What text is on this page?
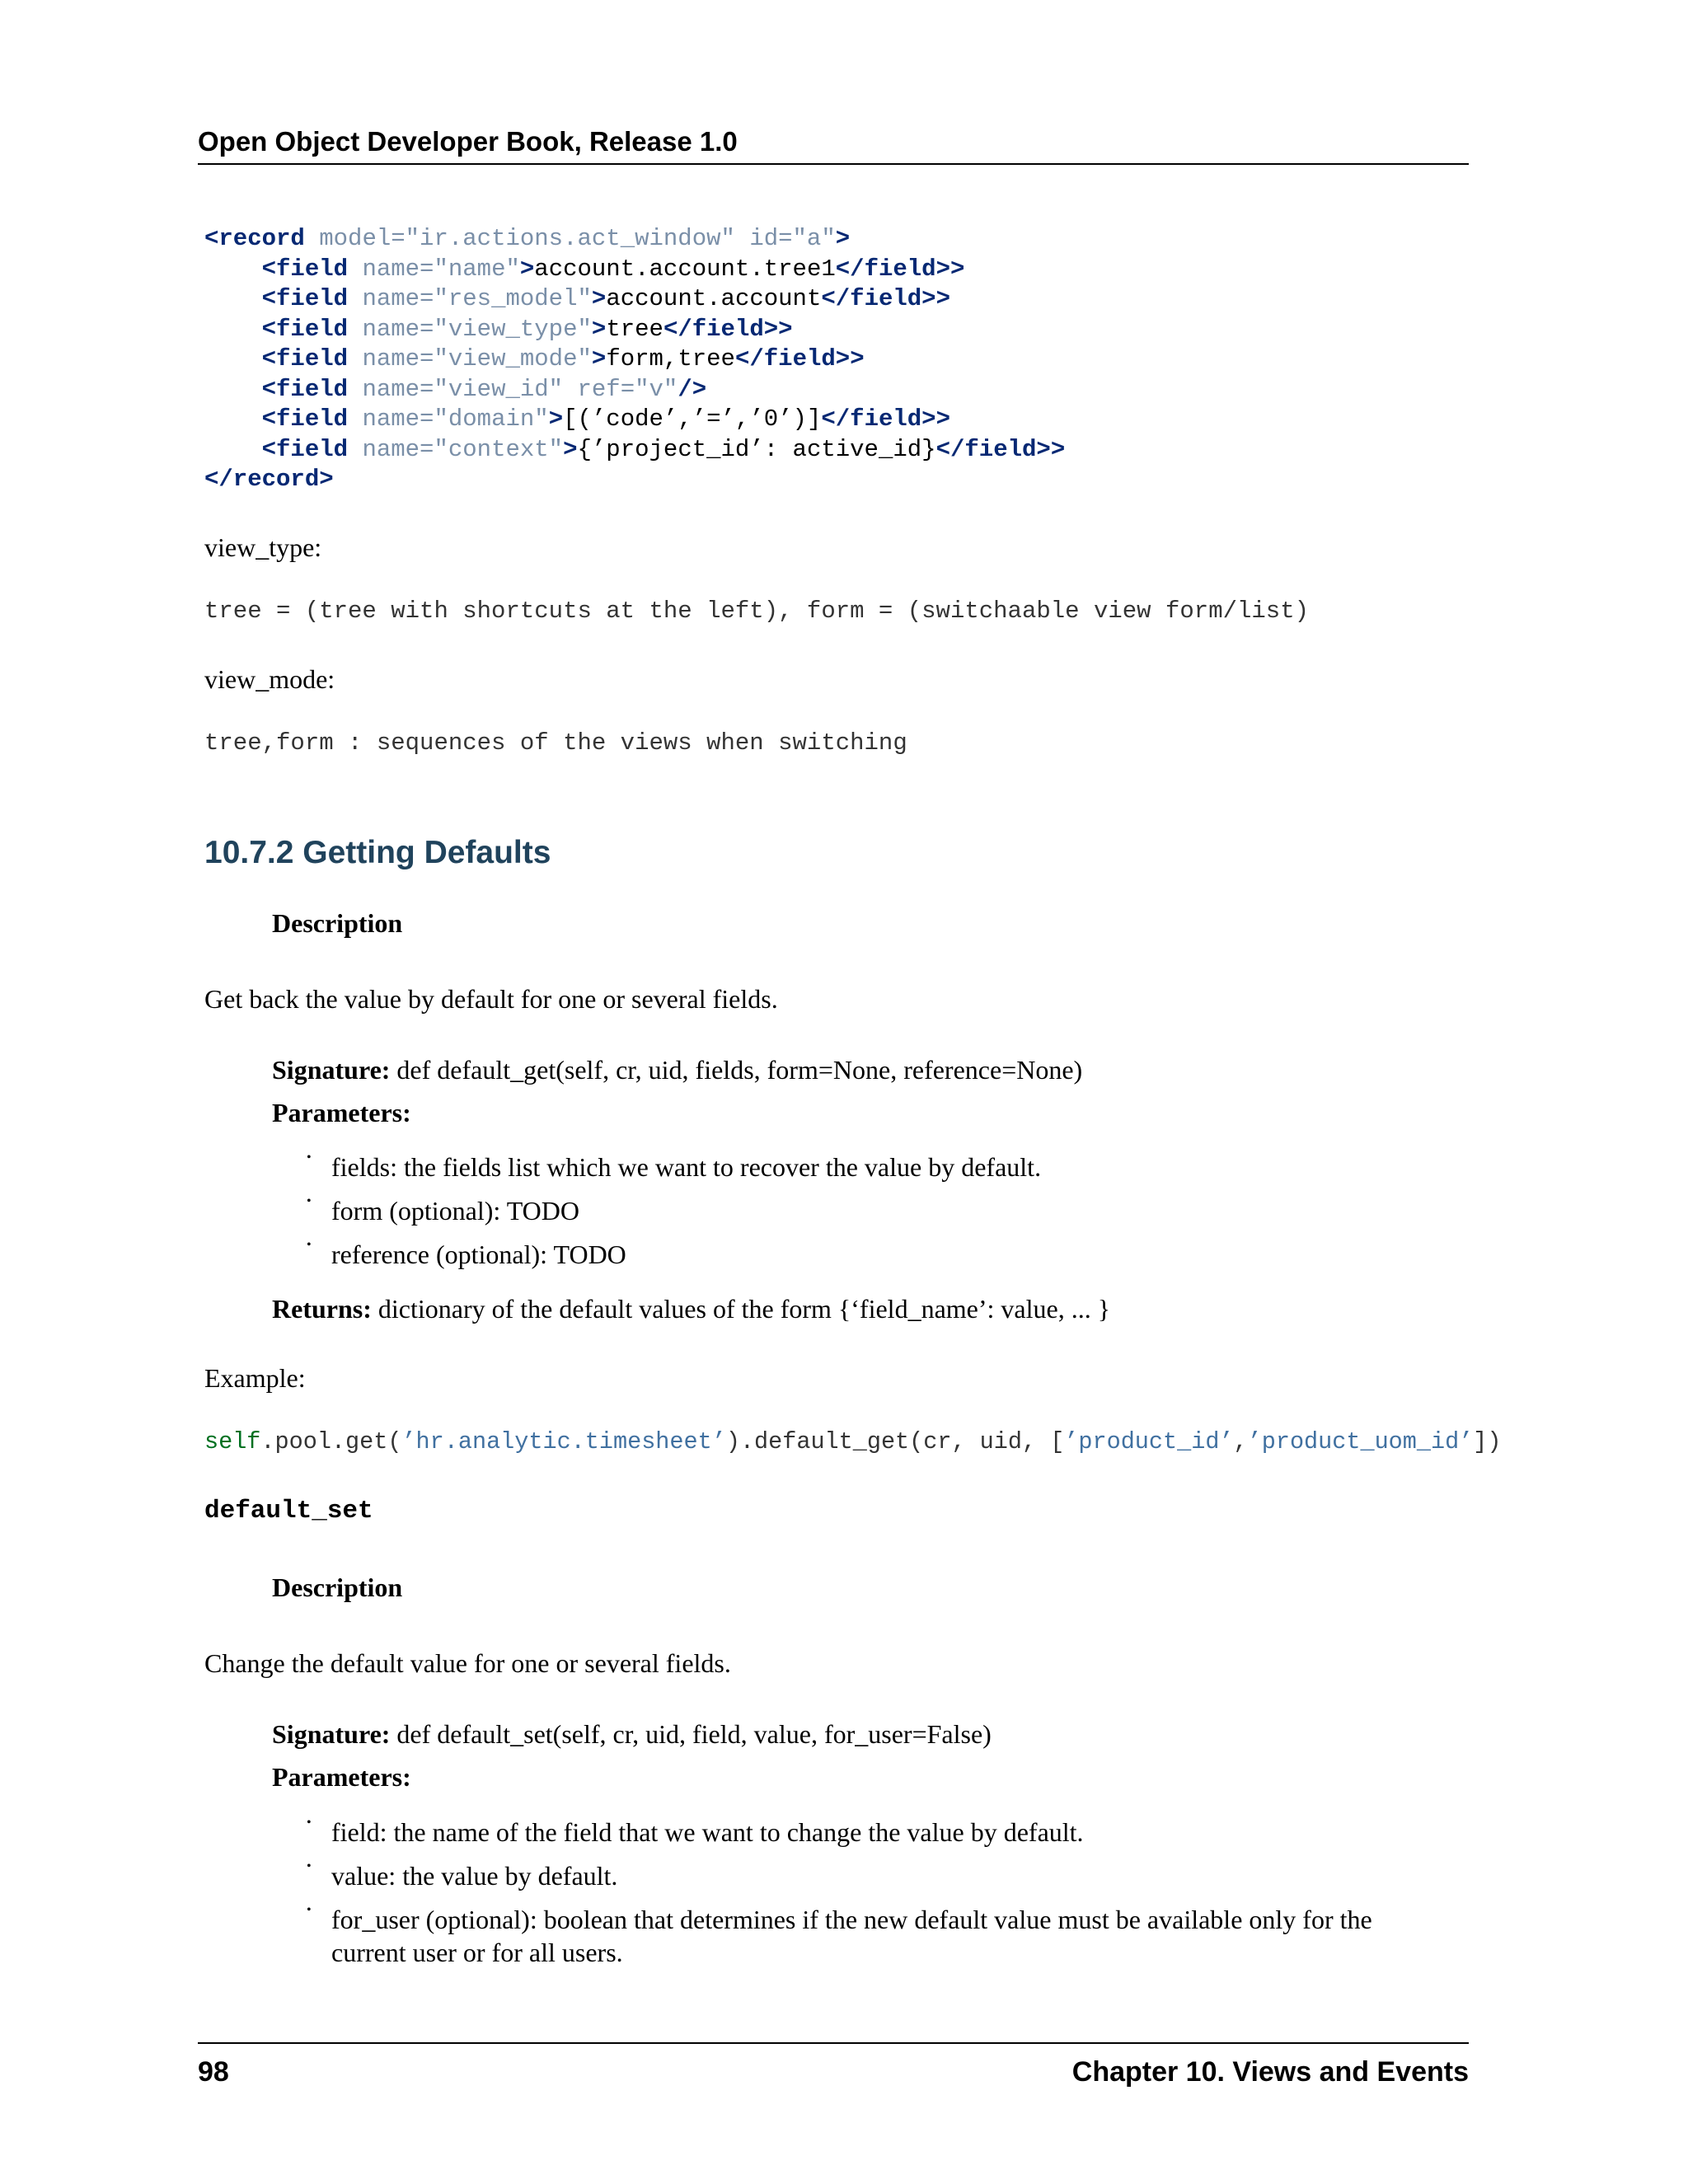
Open Object Developer Book, Release 1.0
<record model="ir.actions.act_window" id="a">
<field name="name">account.account.tree1</field>>
<field name="res_model">account.account</field>>
<field name="view_type">tree</field>>
<field name="view_mode">form,tree</field>>
<field name="view_id" ref="v"/>
<field name="domain">[(’code’,’=’,’0’)]</field>>
<field name="context">{’project_id’: active_id}</field>>
</record>
view_type:
tree = (tree with shortcuts at the left), form = (switchaable view form/list)
view_mode:
tree,form : sequences of the views when switching
10.7.2 Getting Defaults
Description
Get back the value by default for one or several fields.
Signature: def default_get(self, cr, uid, fields, form=None, reference=None)
Parameters:
fields: the fields list which we want to recover the value by default.
form (optional): TODO
reference (optional): TODO
Returns: dictionary of the default values of the form {‘field_name’: value, ... }
Example:
self.pool.get(’hr.analytic.timesheet’).default_get(cr, uid, [’product_id’,’product_uom_id’])
default_set
Description
Change the default value for one or several fields.
Signature: def default_set(self, cr, uid, field, value, for_user=False)
Parameters:
field: the name of the field that we want to change the value by default.
value: the value by default.
for_user (optional): boolean that determines if the new default value must be available only for the
current user or for all users.
98	Chapter 10. Views and Events
